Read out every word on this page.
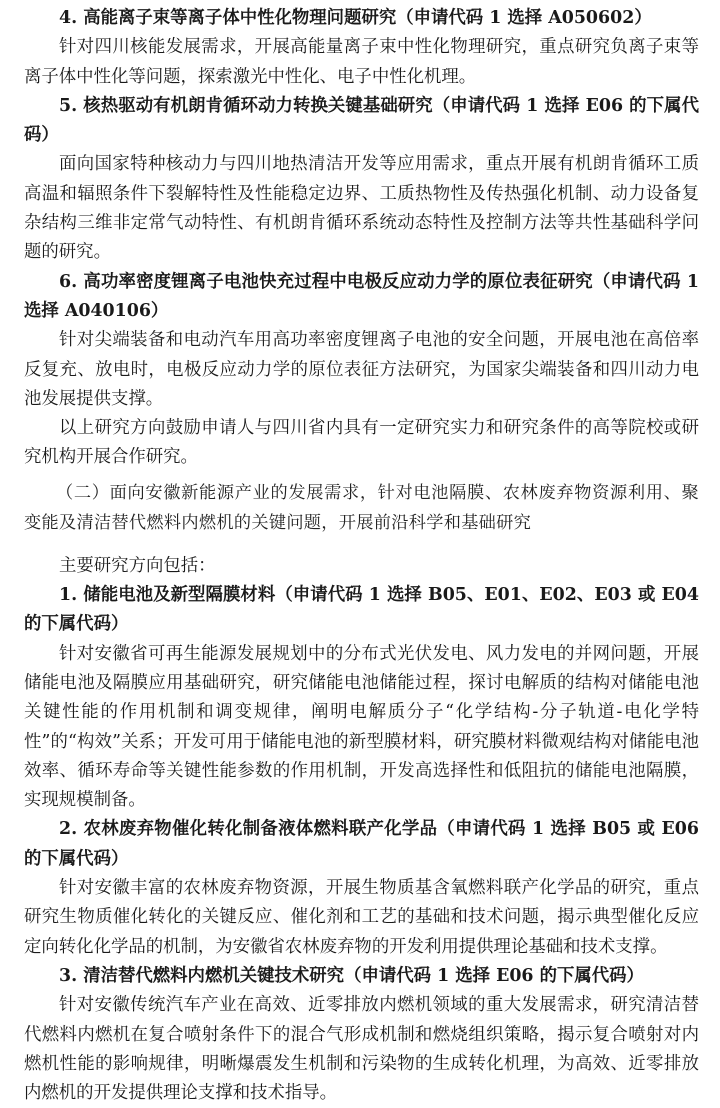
4. 高能离子束等离子体中性化物理问题研究（申请代码 1 选择 A050602）

针对四川核能发展需求，开展高能量离子束中性化物理研究，重点研究负离子束等离子体中性化等问题，探索激光中性化、电子中性化机理。

5. 核热驱动有机朗肯循环动力转换关键基础研究（申请代码 1 选择 E06 的下属代码）

面向国家特种核动力与四川地热清洁开发等应用需求，重点开展有机朗肯循环工质高温和辐照条件下裂解特性及性能稳定边界、工质热物性及传热强化机制、动力设备复杂结构三维非定常气动特性、有机朗肯循环系统动态特性及控制方法等共性基础科学问题的研究。

6. 高功率密度锂离子电池快充过程中电极反应动力学的原位表征研究（申请代码 1 选择 A040106）

针对尖端装备和电动汽车用高功率密度锂离子电池的安全问题，开展电池在高倍率反复充、放电时，电极反应动力学的原位表征方法研究，为国家尖端装备和四川动力电池发展提供支撑。

以上研究方向鼓励申请人与四川省内具有一定研究实力和研究条件的高等院校或研究机构开展合作研究。

（二）面向安徽新能源产业的发展需求，针对电池隔膜、农林废弃物资源利用、聚变能及清洁替代燃料内燃机的关键问题，开展前沿科学和基础研究

主要研究方向包括：

1. 储能电池及新型隔膜材料（申请代码 1 选择 B05、E01、E02、E03 或 E04 的下属代码）

针对安徽省可再生能源发展规划中的分布式光伏发电、风力发电的并网问题，开展储能电池及隔膜应用基础研究，研究储能电池储能过程，探讨电解质的结构对储能电池关键性能的作用机制和调变规律，阐明电解质分子“化学结构-分子轨道-电化学特性”的“构效”关系；开发可用于储能电池的新型膜材料，研究膜材料微观结构对储能电池效率、循环寿命等关键性能参数的作用机制，开发高选择性和低阻抗的储能电池隔膜，实现规模制备。

2. 农林废弃物催化转化制备液体燃料联产化学品（申请代码 1 选择 B05 或 E06 的下属代码）

针对安徽丰富的农林废弃物资源，开展生物质基含氧燃料联产化学品的研究，重点研究生物质催化转化的关键反应、催化剂和工艺的基础和技术问题，揭示典型催化反应定向转化化学品的机制，为安徽省农林废弃物的开发利用提供理论基础和技术支撑。

3. 清洁替代燃料内燃机关键技术研究（申请代码 1 选择 E06 的下属代码）

针对安徽传统汽车产业在高效、近零排放内燃机领域的重大发展需求，研究清洁替代燃料内燃机在复合喷射条件下的混合气形成机制和燃烧组织策略，揭示复合喷射对内燃机性能的影响规律，明晰爆震发生机制和污染物的生成转化机理，为高效、近零排放内燃机的开发提供理论支撑和技术指导。
